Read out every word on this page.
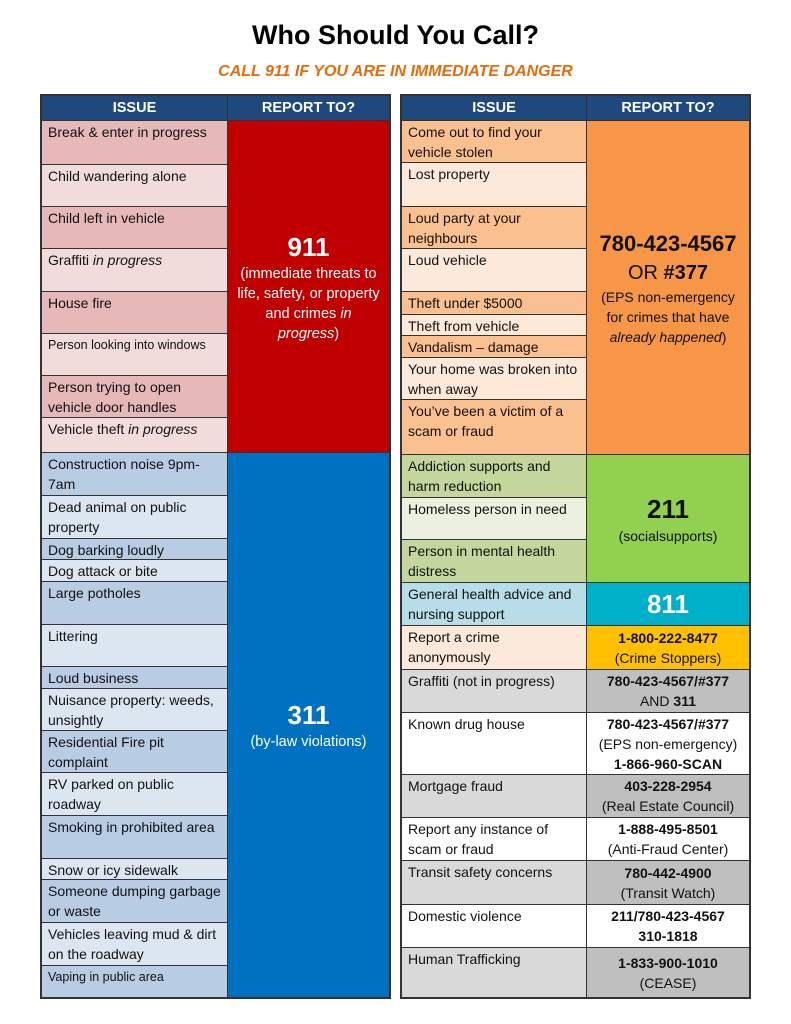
Who Should You Call?
CALL 911 IF YOU ARE IN IMMEDIATE DANGER
ISSUE	REPORT TO?
911
(immediate threats to life, safety, or property and crimes in progress)
311
(by-law violations)
Break & enter in progress
Child wandering alone
Child left in vehicle
Graffiti in progress
House fire
Person looking into windows
Person trying to open vehicle door handles
Vehicle theft in progress
Construction noise 9pm-7am
Dead animal on public property
Dog barking loudly
Dog attack or bite
Large potholes
Littering
Loud business
Nuisance property: weeds, unsightly
Residential Fire pit complaint
RV parked on public roadway
Smoking in prohibited area
Snow or icy sidewalk
Someone dumping garbage or waste
Vehicles leaving mud & dirt on the roadway
Vaping in public area
ISSUE	REPORT TO?
780-423-4567
OR #377
(EPS non-emergency for crimes that have already happened)
211
(socialsupports)
811
1-800-222-8477
(Crime Stoppers)
780-423-4567/#377
AND 311
780-423-4567/#377
(EPS non-emergency)
1-866-960-SCAN
403-228-2954
(Real Estate Council)
1-888-495-8501
(Anti-Fraud Center)
780-442-4900
(Transit Watch)
211/780-423-4567
310-1818
1-833-900-1010
(CEASE)
Come out to find your vehicle stolen
Lost property
Loud party at your neighbours
Loud vehicle
Theft under $5000
Theft from vehicle
Vandalism – damage
Your home was broken into when away
You’ve been a victim of a scam or fraud
Addiction supports and harm reduction
Homeless person in need
Person in mental health distress
General health advice and nursing support
Report a crime anonymously
Graffiti (not in progress)
Known drug house
Mortgage fraud
Report any instance of scam or fraud
Transit safety concerns
Domestic violence
Human Trafficking
